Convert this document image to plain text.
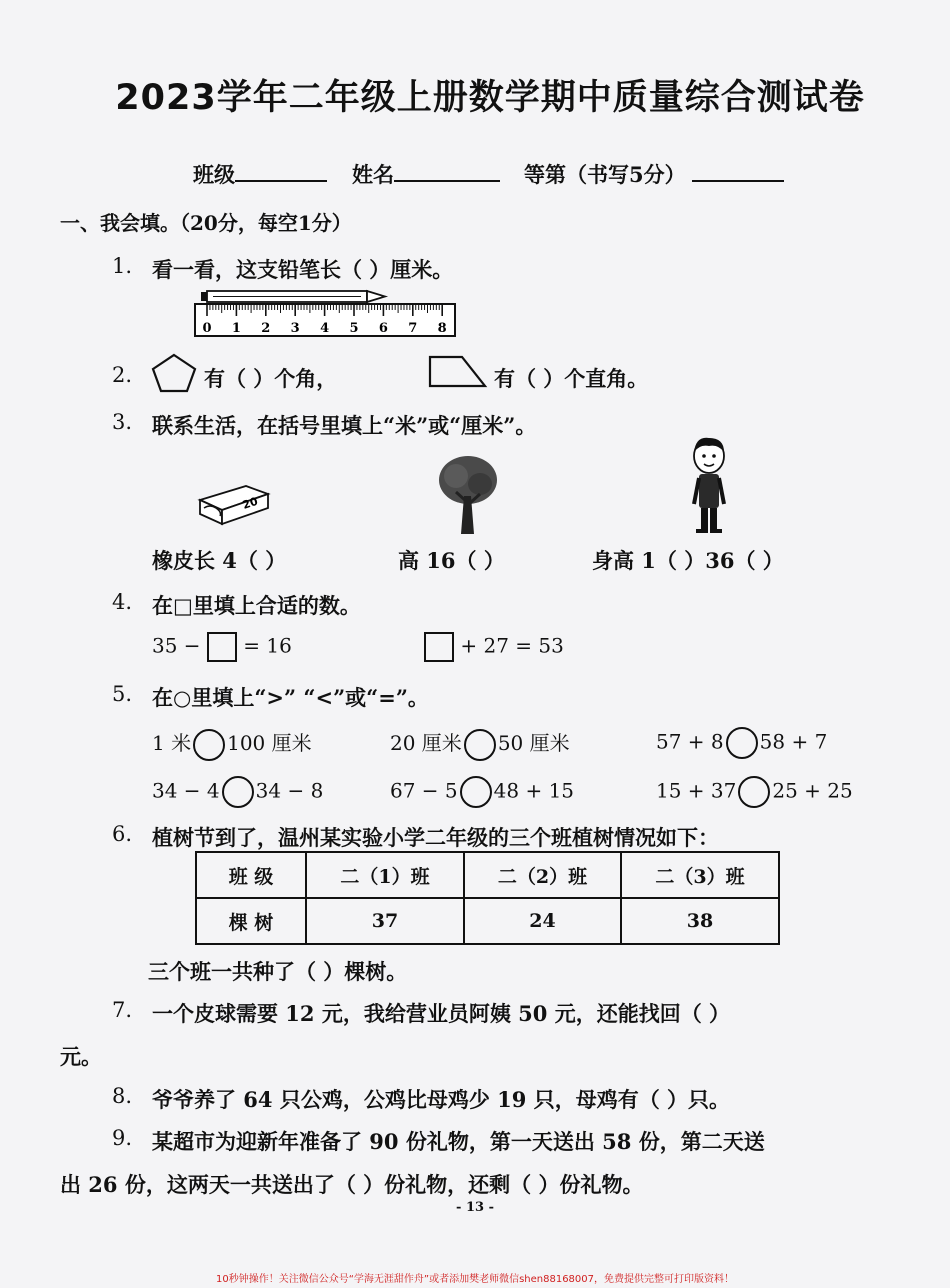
2023学年二年级上册数学期中质量综合测试卷
班级	姓名	等第（书写5分）
一、我会填。（20分，每空1分）
1. 看一看，这支铅笔长（ ）厘米。
0 1 2 3 4 5 6 7 8
2.	有（ ）个角，	有（ ）个直角。
3. 联系生活，在括号里填上“米”或“厘米”。
20
橡皮长 4（ ）	高 16（ ）	身高 1（ ）36（ ）
4. 在□里填上合适的数。
35 − = 16	+ 27 = 53
5. 在○里填上“>” “<”或“=”。
1 米 100 厘米	20 厘米 50 厘米	57 + 8 58 + 7
34 − 4 34 − 8	67 − 5 48 + 15	15 + 37 25 + 25
6. 植树节到了，温州某实验小学二年级的三个班植树情况如下：
班 级	二（1）班	二（2）班	二（3）班
棵 树	37	24	38
三个班一共种了（ ）棵树。
7. 一个皮球需要 12 元，我给营业员阿姨 50 元，还能找回（ ）
元。
8. 爷爷养了 64 只公鸡，公鸡比母鸡少 19 只，母鸡有（ ）只。
9. 某超市为迎新年准备了 90 份礼物，第一天送出 58 份，第二天送
出 26 份，这两天一共送出了（ ）份礼物，还剩（ ）份礼物。
- 13 -
10秒钟操作！关注微信公众号“学海无涯甜作舟”或者添加樊老师微信shen88168007，免费提供完整可打印版资料！
